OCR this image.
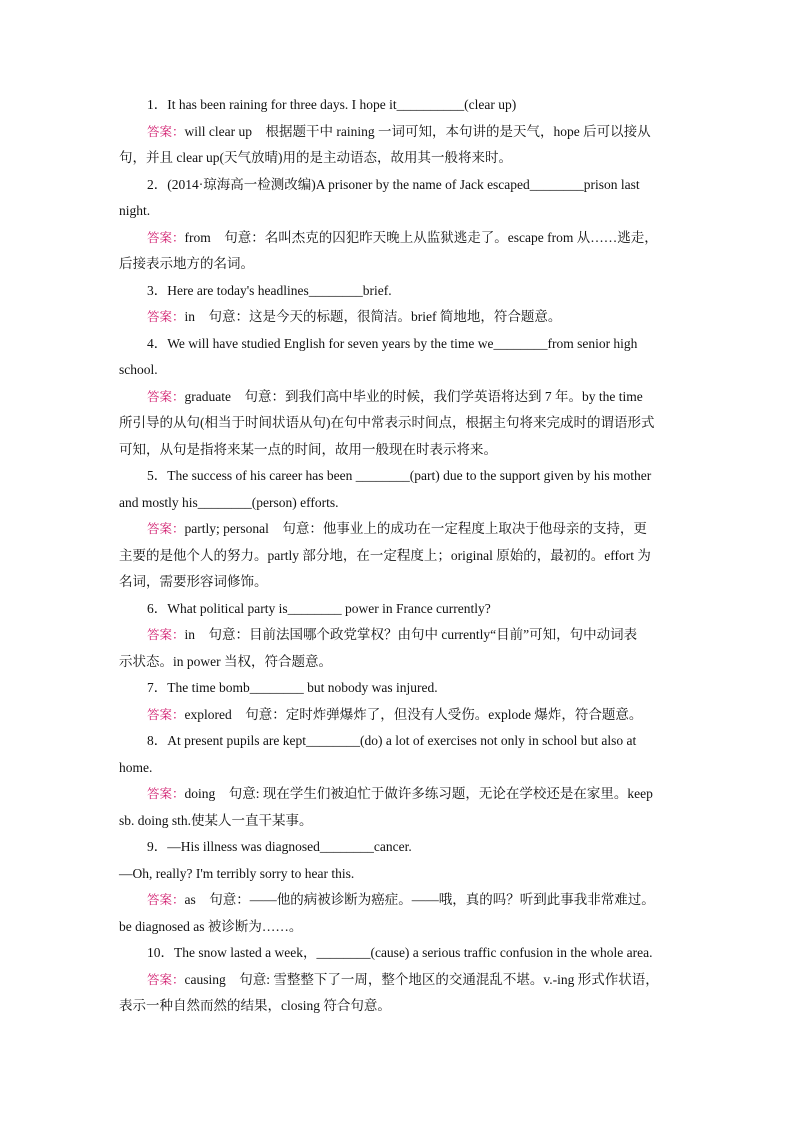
1．It has been raining for three days. I hope it__________(clear up)
答案：will clear up　根据题干中 raining 一词可知，本句讲的是天气，hope 后可以接从
句，并且 clear up(天气放晴)用的是主动语态，故用其一般将来时。
2．(2014·琼海高一检测改编)A prisoner by the name of Jack escaped________prison last
night.
答案：from　句意：名叫杰克的囚犯昨天晚上从监狱逃走了。escape from 从……逃走，
后接表示地方的名词。
3．Here are today's headlines________brief.
答案：in　句意：这是今天的标题，很简洁。brief 简地地，符合题意。
4．We will have studied English for seven years by the time we________from senior high
school.
答案：graduate　句意：到我们高中毕业的时候，我们学英语将达到 7 年。by the time
所引导的从句(相当于时间状语从句)在句中常表示时间点，根据主句将来完成时的谓语形式
可知，从句是指将来某一点的时间，故用一般现在时表示将来。
5．The success of his career has been ________(part) due to the support given by his mother
and mostly his________(person) efforts.
答案：partly; personal　句意：他事业上的成功在一定程度上取决于他母亲的支持，更
主要的是他个人的努力。partly 部分地，在一定程度上；original 原始的，最初的。effort 为
名词，需要形容词修饰。
6．What political party is________ power in France currently?
答案：in　句意：目前法国哪个政党掌权？由句中 currently“目前”可知，句中动词表
示状态。in power 当权，符合题意。
7．The time bomb________ but nobody was injured.
答案：explored　句意：定时炸弹爆炸了，但没有人受伤。explode 爆炸，符合题意。
8．At present pupils are kept________(do) a lot of exercises not only in school but also at
home.
答案：doing　句意: 现在学生们被迫忙于做许多练习题，无论在学校还是在家里。keep
sb. doing sth.使某人一直干某事。
9．—His illness was diagnosed________cancer.
—Oh, really? I'm terribly sorry to hear this.
答案：as　句意：——他的病被诊断为癌症。——哦，真的吗？听到此事我非常难过。
be diagnosed as 被诊断为……。
10．The snow lasted a week，________(cause) a serious traffic confusion in the whole area.
答案：causing　句意: 雪整整下了一周，整个地区的交通混乱不堪。v.-ing 形式作状语，
表示一种自然而然的结果，closing 符合句意。
